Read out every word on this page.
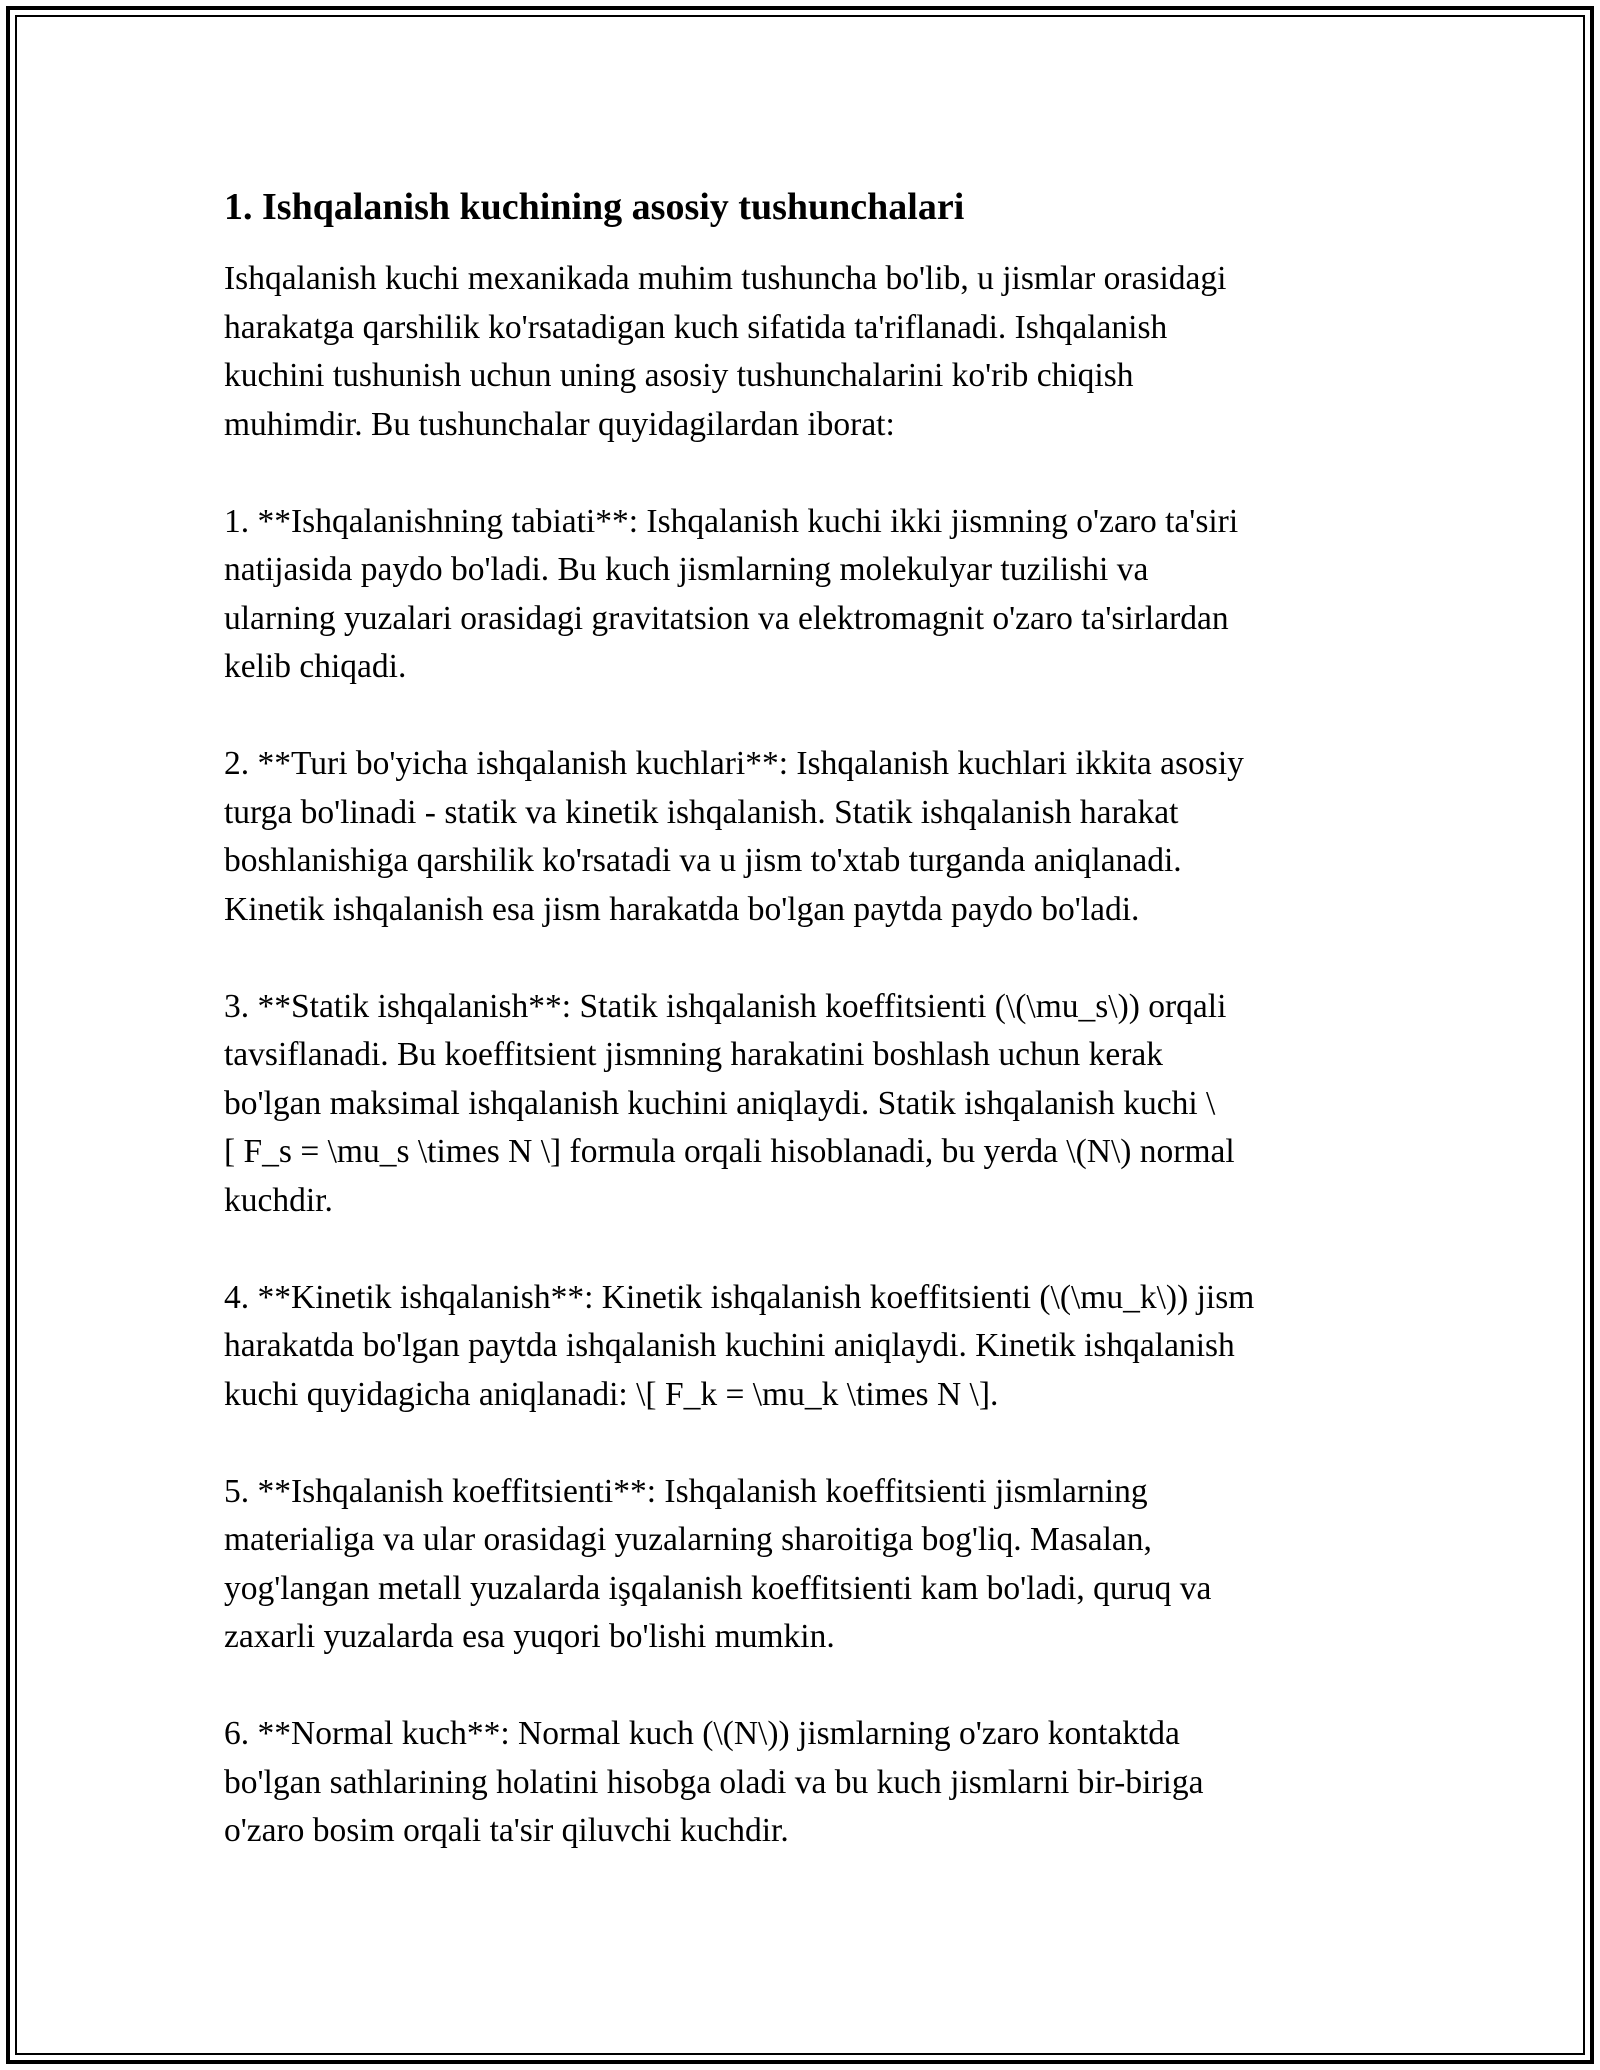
1. Ishqalanish kuchining asosiy tushunchalari
Ishqalanish kuchi mexanikada muhim tushuncha bo'lib, u jismlar orasidagi
harakatga qarshilik ko'rsatadigan kuch sifatida ta'riflanadi. Ishqalanish
kuchini tushunish uchun uning asosiy tushunchalarini ko'rib chiqish
muhimdir. Bu tushunchalar quyidagilardan iborat:
1. **Ishqalanishning tabiati**: Ishqalanish kuchi ikki jismning o'zaro ta'siri
natijasida paydo bo'ladi. Bu kuch jismlarning molekulyar tuzilishi va
ularning yuzalari orasidagi gravitatsion va elektromagnit o'zaro ta'sirlardan
kelib chiqadi.
2. **Turi bo'yicha ishqalanish kuchlari**: Ishqalanish kuchlari ikkita asosiy
turga bo'linadi - statik va kinetik ishqalanish. Statik ishqalanish harakat
boshlanishiga qarshilik ko'rsatadi va u jism to'xtab turganda aniqlanadi.
Kinetik ishqalanish esa jism harakatda bo'lgan paytda paydo bo'ladi.
3. **Statik ishqalanish**: Statik ishqalanish koeffitsienti (\(\mu_s\)) orqali
tavsiflanadi. Bu koeffitsient jismning harakatini boshlash uchun kerak
bo'lgan maksimal ishqalanish kuchini aniqlaydi. Statik ishqalanish kuchi \
[ F_s = \mu_s \times N \] formula orqali hisoblanadi, bu yerda \(N\) normal
kuchdir.
4. **Kinetik ishqalanish**: Kinetik ishqalanish koeffitsienti (\(\mu_k\)) jism
harakatda bo'lgan paytda ishqalanish kuchini aniqlaydi. Kinetik ishqalanish
kuchi quyidagicha aniqlanadi: \[ F_k = \mu_k \times N \].
5. **Ishqalanish koeffitsienti**: Ishqalanish koeffitsienti jismlarning
materialiga va ular orasidagi yuzalarning sharoitiga bog'liq. Masalan,
yog'langan metall yuzalarda işqalanish koeffitsienti kam bo'ladi, quruq va
zaxarli yuzalarda esa yuqori bo'lishi mumkin.
6. **Normal kuch**: Normal kuch (\(N\)) jismlarning o'zaro kontaktda
bo'lgan sathlarining holatini hisobga oladi va bu kuch jismlarni bir-biriga
o'zaro bosim orqali ta'sir qiluvchi kuchdir.
